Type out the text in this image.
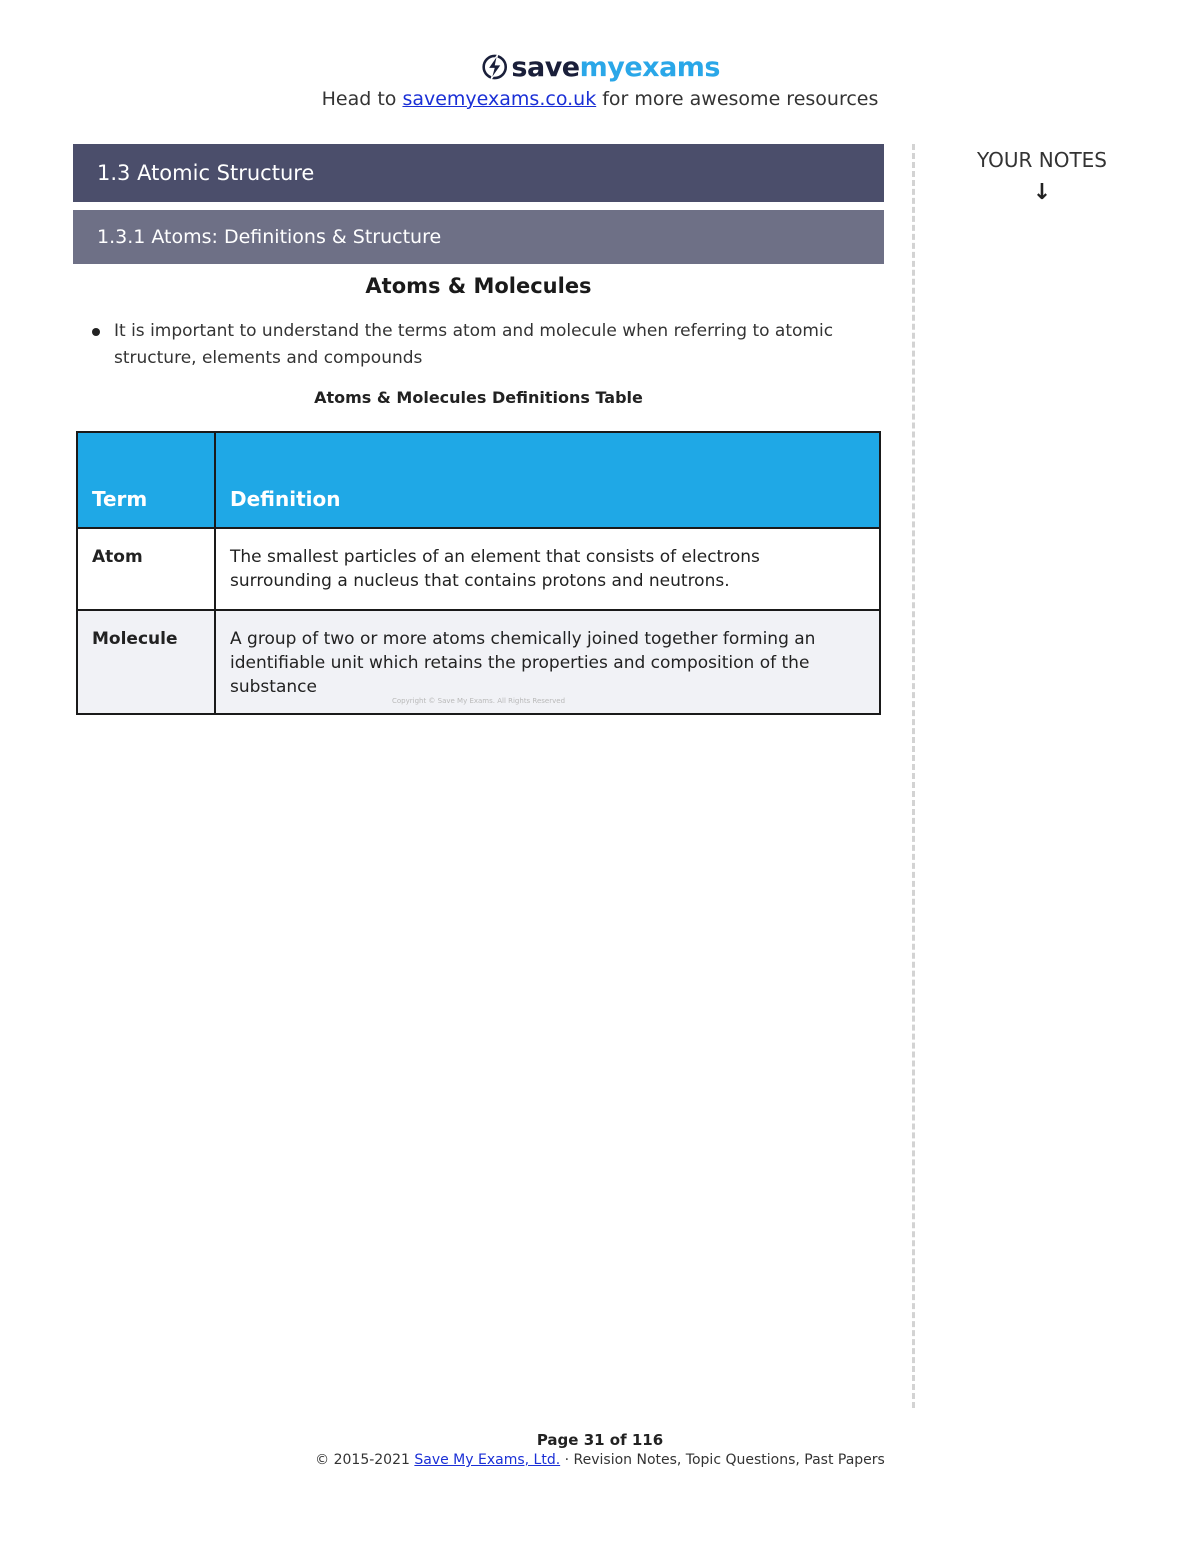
savemyexams
Head to savemyexams.co.uk for more awesome resources
1.3 Atomic Structure
1.3.1 Atoms: Definitions & Structure
Atoms & Molecules
It is important to understand the terms atom and molecule when referring to atomic structure, elements and compounds
Atoms & Molecules Definitions Table
Term	Definition
Atom	The smallest particles of an element that consists of electrons surrounding a nucleus that contains protons and neutrons.
Molecule	A group of two or more atoms chemically joined together forming an identifiable unit which retains the properties and composition of the substance
Copyright © Save My Exams. All Rights Reserved
YOUR NOTES
↓
Page 31 of 116
© 2015-2021 Save My Exams, Ltd. · Revision Notes, Topic Questions, Past Papers
